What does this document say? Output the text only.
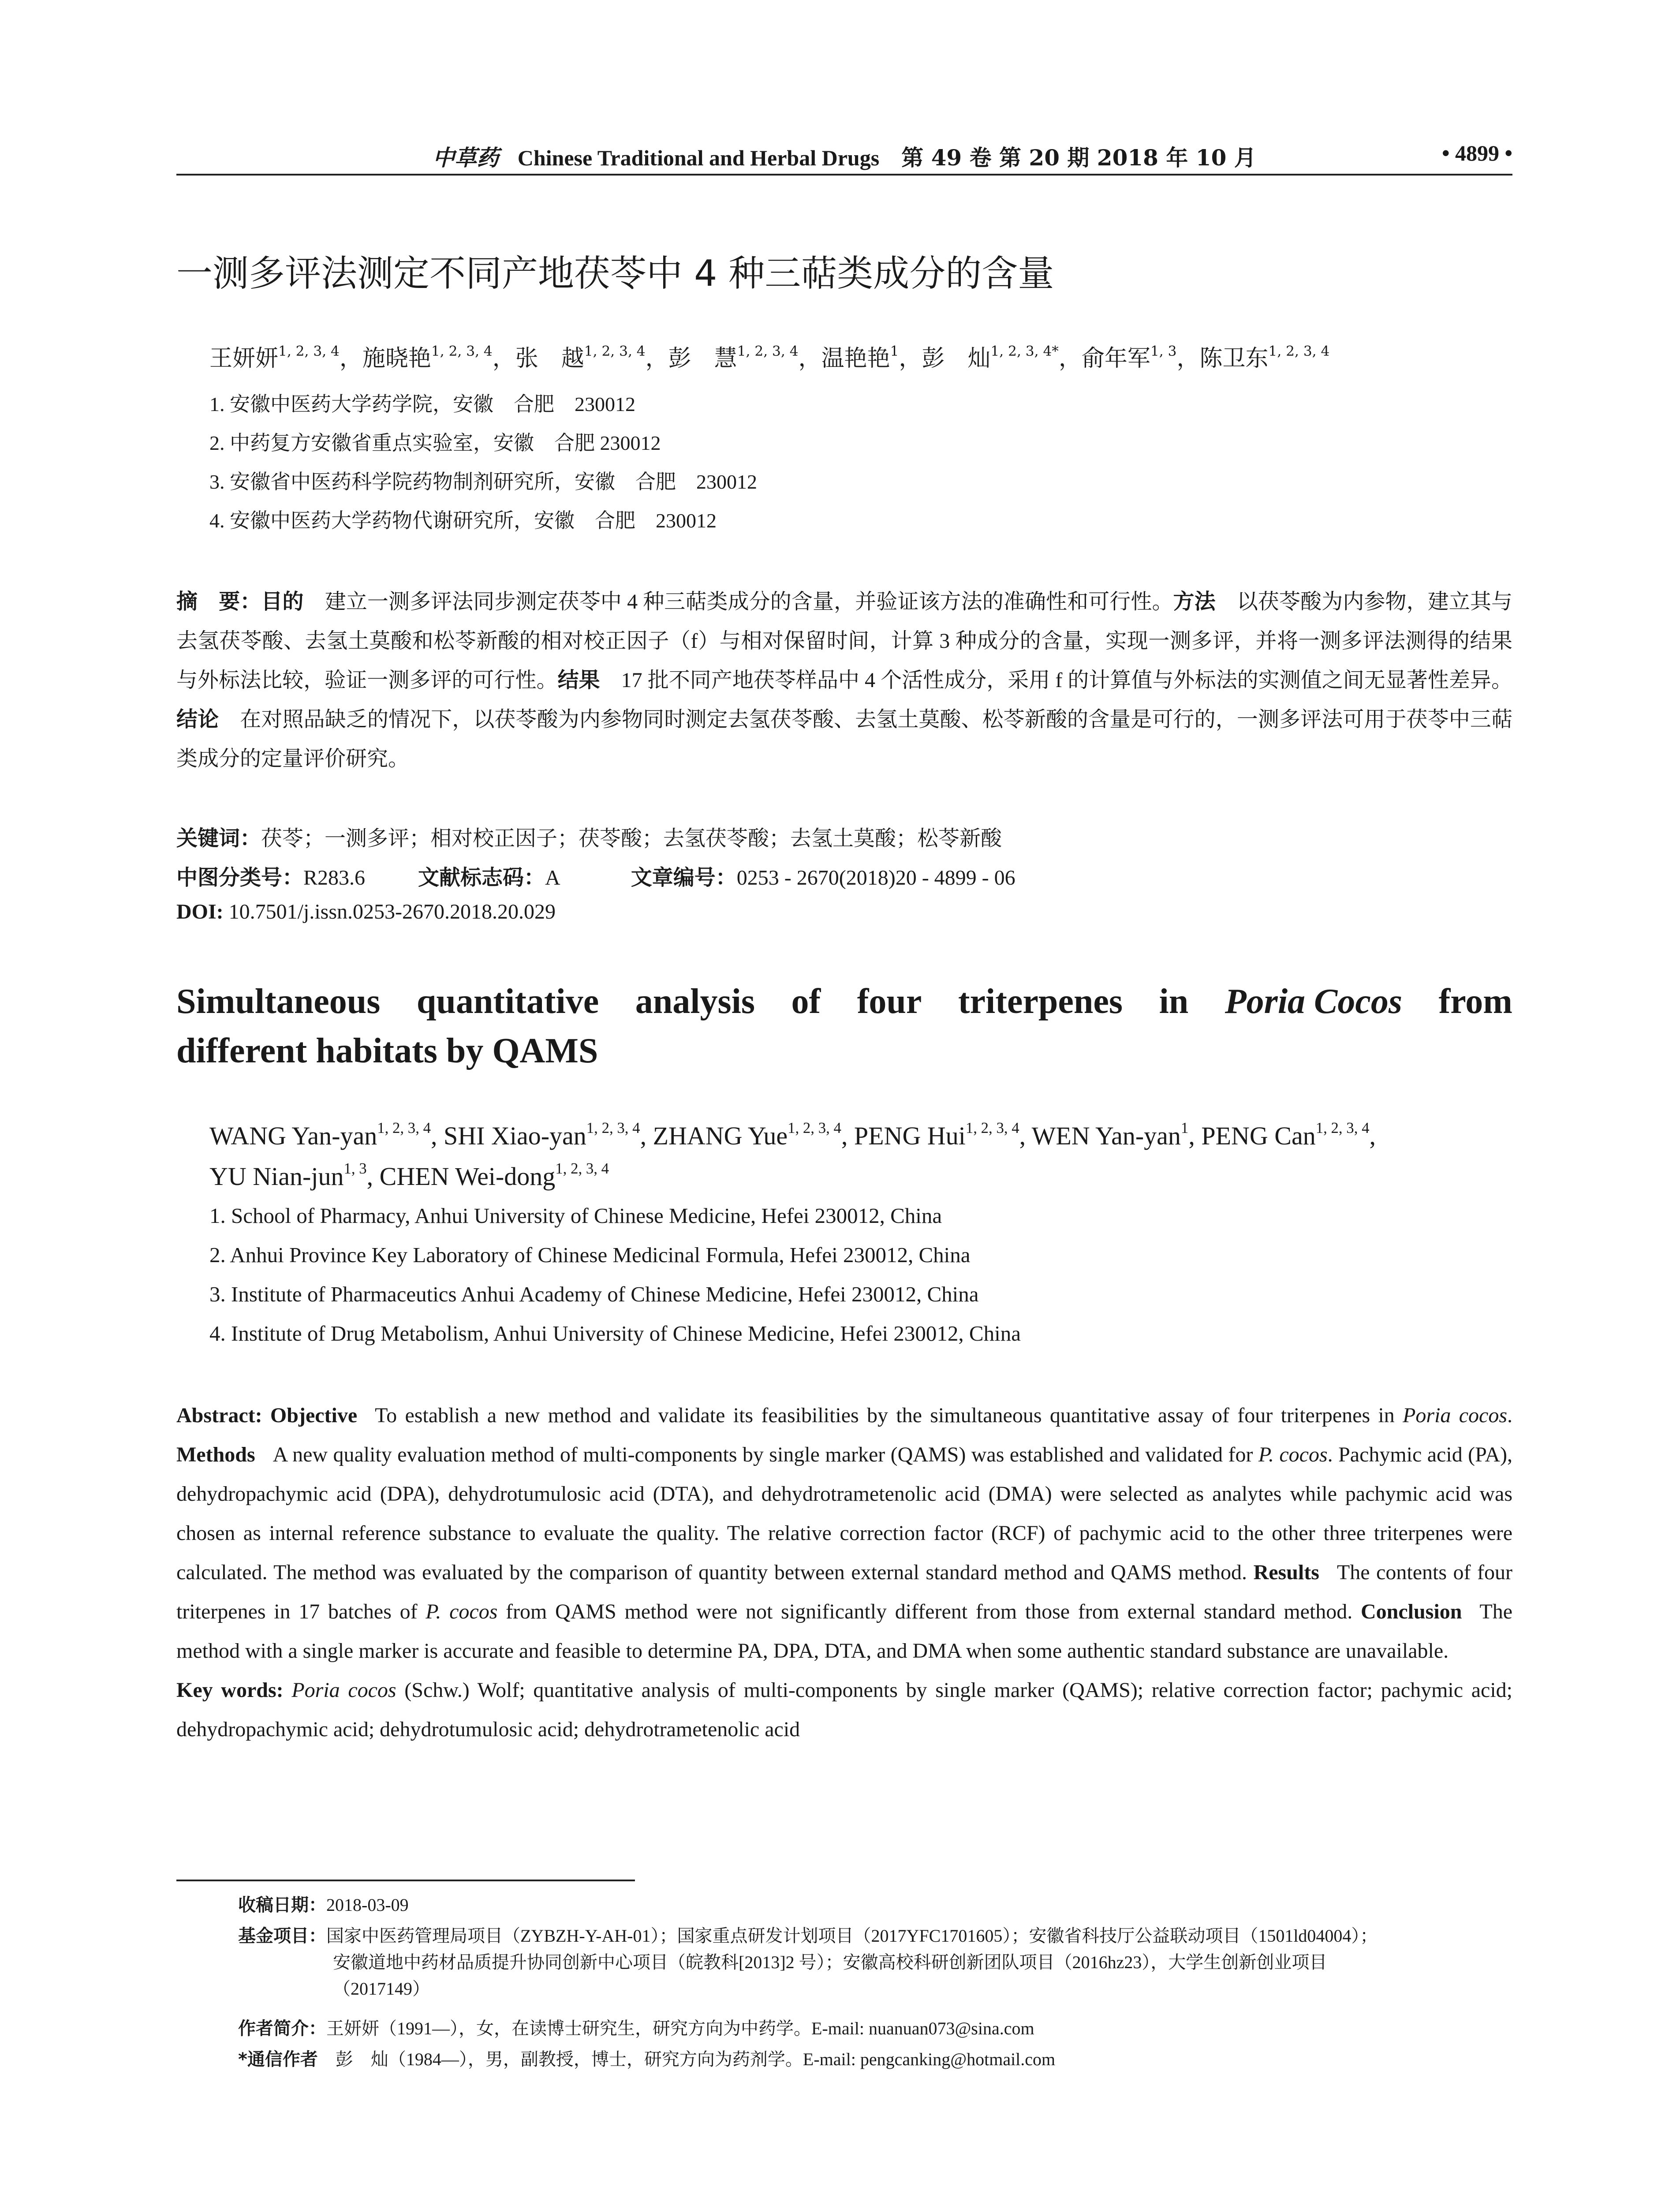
中草药 Chinese Traditional and Herbal Drugs 第 49 卷 第 20 期 2018 年 10 月	• 4899 •
一测多评法测定不同产地茯苓中 4 种三萜类成分的含量
王妍妍$^{1, 2, 3, 4}$，施晓艳$^{1, 2, 3, 4}$，张　越$^{1, 2, 3, 4}$，彭　慧$^{1, 2, 3, 4}$，温艳艳$^1$，彭　灿$^{1, 2, 3, 4*}$，俞年军$^{1, 3}$，陈卫东$^{1, 2, 3, 4}$
1. 安徽中医药大学药学院，安徽　合肥　230012
2. 中药复方安徽省重点实验室，安徽　合肥 230012
3. 安徽省中医药科学院药物制剂研究所，安徽　合肥　230012
4. 安徽中医药大学药物代谢研究所，安徽　合肥　230012
摘　要：目的  建立一测多评法同步测定茯苓中 4 种三萜类成分的含量，并验证该方法的准确性和可行性。方法  以茯苓酸为内参物，建立其与去氢茯苓酸、去氢土莫酸和松苓新酸的相对校正因子（f）与相对保留时间，计算 3 种成分的含量，实现一测多评，并将一测多评法测得的结果与外标法比较，验证一测多评的可行性。结果  17 批不同产地茯苓样品中 4 个活性成分，采用 f 的计算值与外标法的实测值之间无显著性差异。结论  在对照品缺乏的情况下，以茯苓酸为内参物同时测定去氢茯苓酸、去氢土莫酸、松苓新酸的含量是可行的，一测多评法可用于茯苓中三萜类成分的定量评价研究。
关键词：茯苓；一测多评；相对校正因子；茯苓酸；去氢茯苓酸；去氢土莫酸；松苓新酸
中图分类号：R283.6	文献标志码：A	文章编号：0253 - 2670(2018)20 - 4899 - 06
DOI: 10.7501/j.issn.0253-2670.2018.20.029
Simultaneous quantitative analysis of four triterpenes in Poria Cocos from
different habitats by QAMS
WANG Yan-yan$^{1, 2, 3, 4}$, SHI Xiao-yan$^{1, 2, 3, 4}$, ZHANG Yue$^{1, 2, 3, 4}$, PENG Hui$^{1, 2, 3, 4}$, WEN Yan-yan$^1$, PENG Can$^{1, 2, 3, 4}$,
YU Nian-jun$^{1, 3}$, CHEN Wei-dong$^{1, 2, 3, 4}$
1. School of Pharmacy, Anhui University of Chinese Medicine, Hefei 230012, China
2. Anhui Province Key Laboratory of Chinese Medicinal Formula, Hefei 230012, China
3. Institute of Pharmaceutics Anhui Academy of Chinese Medicine, Hefei 230012, China
4. Institute of Drug Metabolism, Anhui University of Chinese Medicine, Hefei 230012, China
Abstract: Objective To establish a new method and validate its feasibilities by the simultaneous quantitative assay of four triterpenes in Poria cocos. Methods A new quality evaluation method of multi-components by single marker (QAMS) was established and validated for P. cocos. Pachymic acid (PA), dehydropachymic acid (DPA), dehydrotumulosic acid (DTA), and dehydrotrametenolic acid (DMA) were selected as analytes while pachymic acid was chosen as internal reference substance to evaluate the quality. The relative correction factor (RCF) of pachymic acid to the other three triterpenes were calculated. The method was evaluated by the comparison of quantity between external standard method and QAMS method. Results The contents of four triterpenes in 17 batches of P. cocos from QAMS method were not significantly different from those from external standard method. Conclusion The method with a single marker is accurate and feasible to determine PA, DPA, DTA, and DMA when some authentic standard substance are unavailable.
Key words: Poria cocos (Schw.) Wolf; quantitative analysis of multi-components by single marker (QAMS); relative correction factor; pachymic acid; dehydropachymic acid; dehydrotumulosic acid; dehydrotrametenolic acid
收稿日期：2018-03-09
基金项目：国家中医药管理局项目（ZYBZH-Y-AH-01）；国家重点研发计划项目（2017YFC1701605）；安徽省科技厅公益联动项目（1501ld04004）；
安徽道地中药材品质提升协同创新中心项目（皖教科[2013]2 号）；安徽高校科研创新团队项目（2016hz23），大学生创新创业项目
（2017149）
作者简介：王妍妍（1991—），女，在读博士研究生，研究方向为中药学。E-mail: nuanuan073@sina.com
*通信作者  彭　灿（1984—），男，副教授，博士，研究方向为药剂学。E-mail: pengcanking@hotmail.com
